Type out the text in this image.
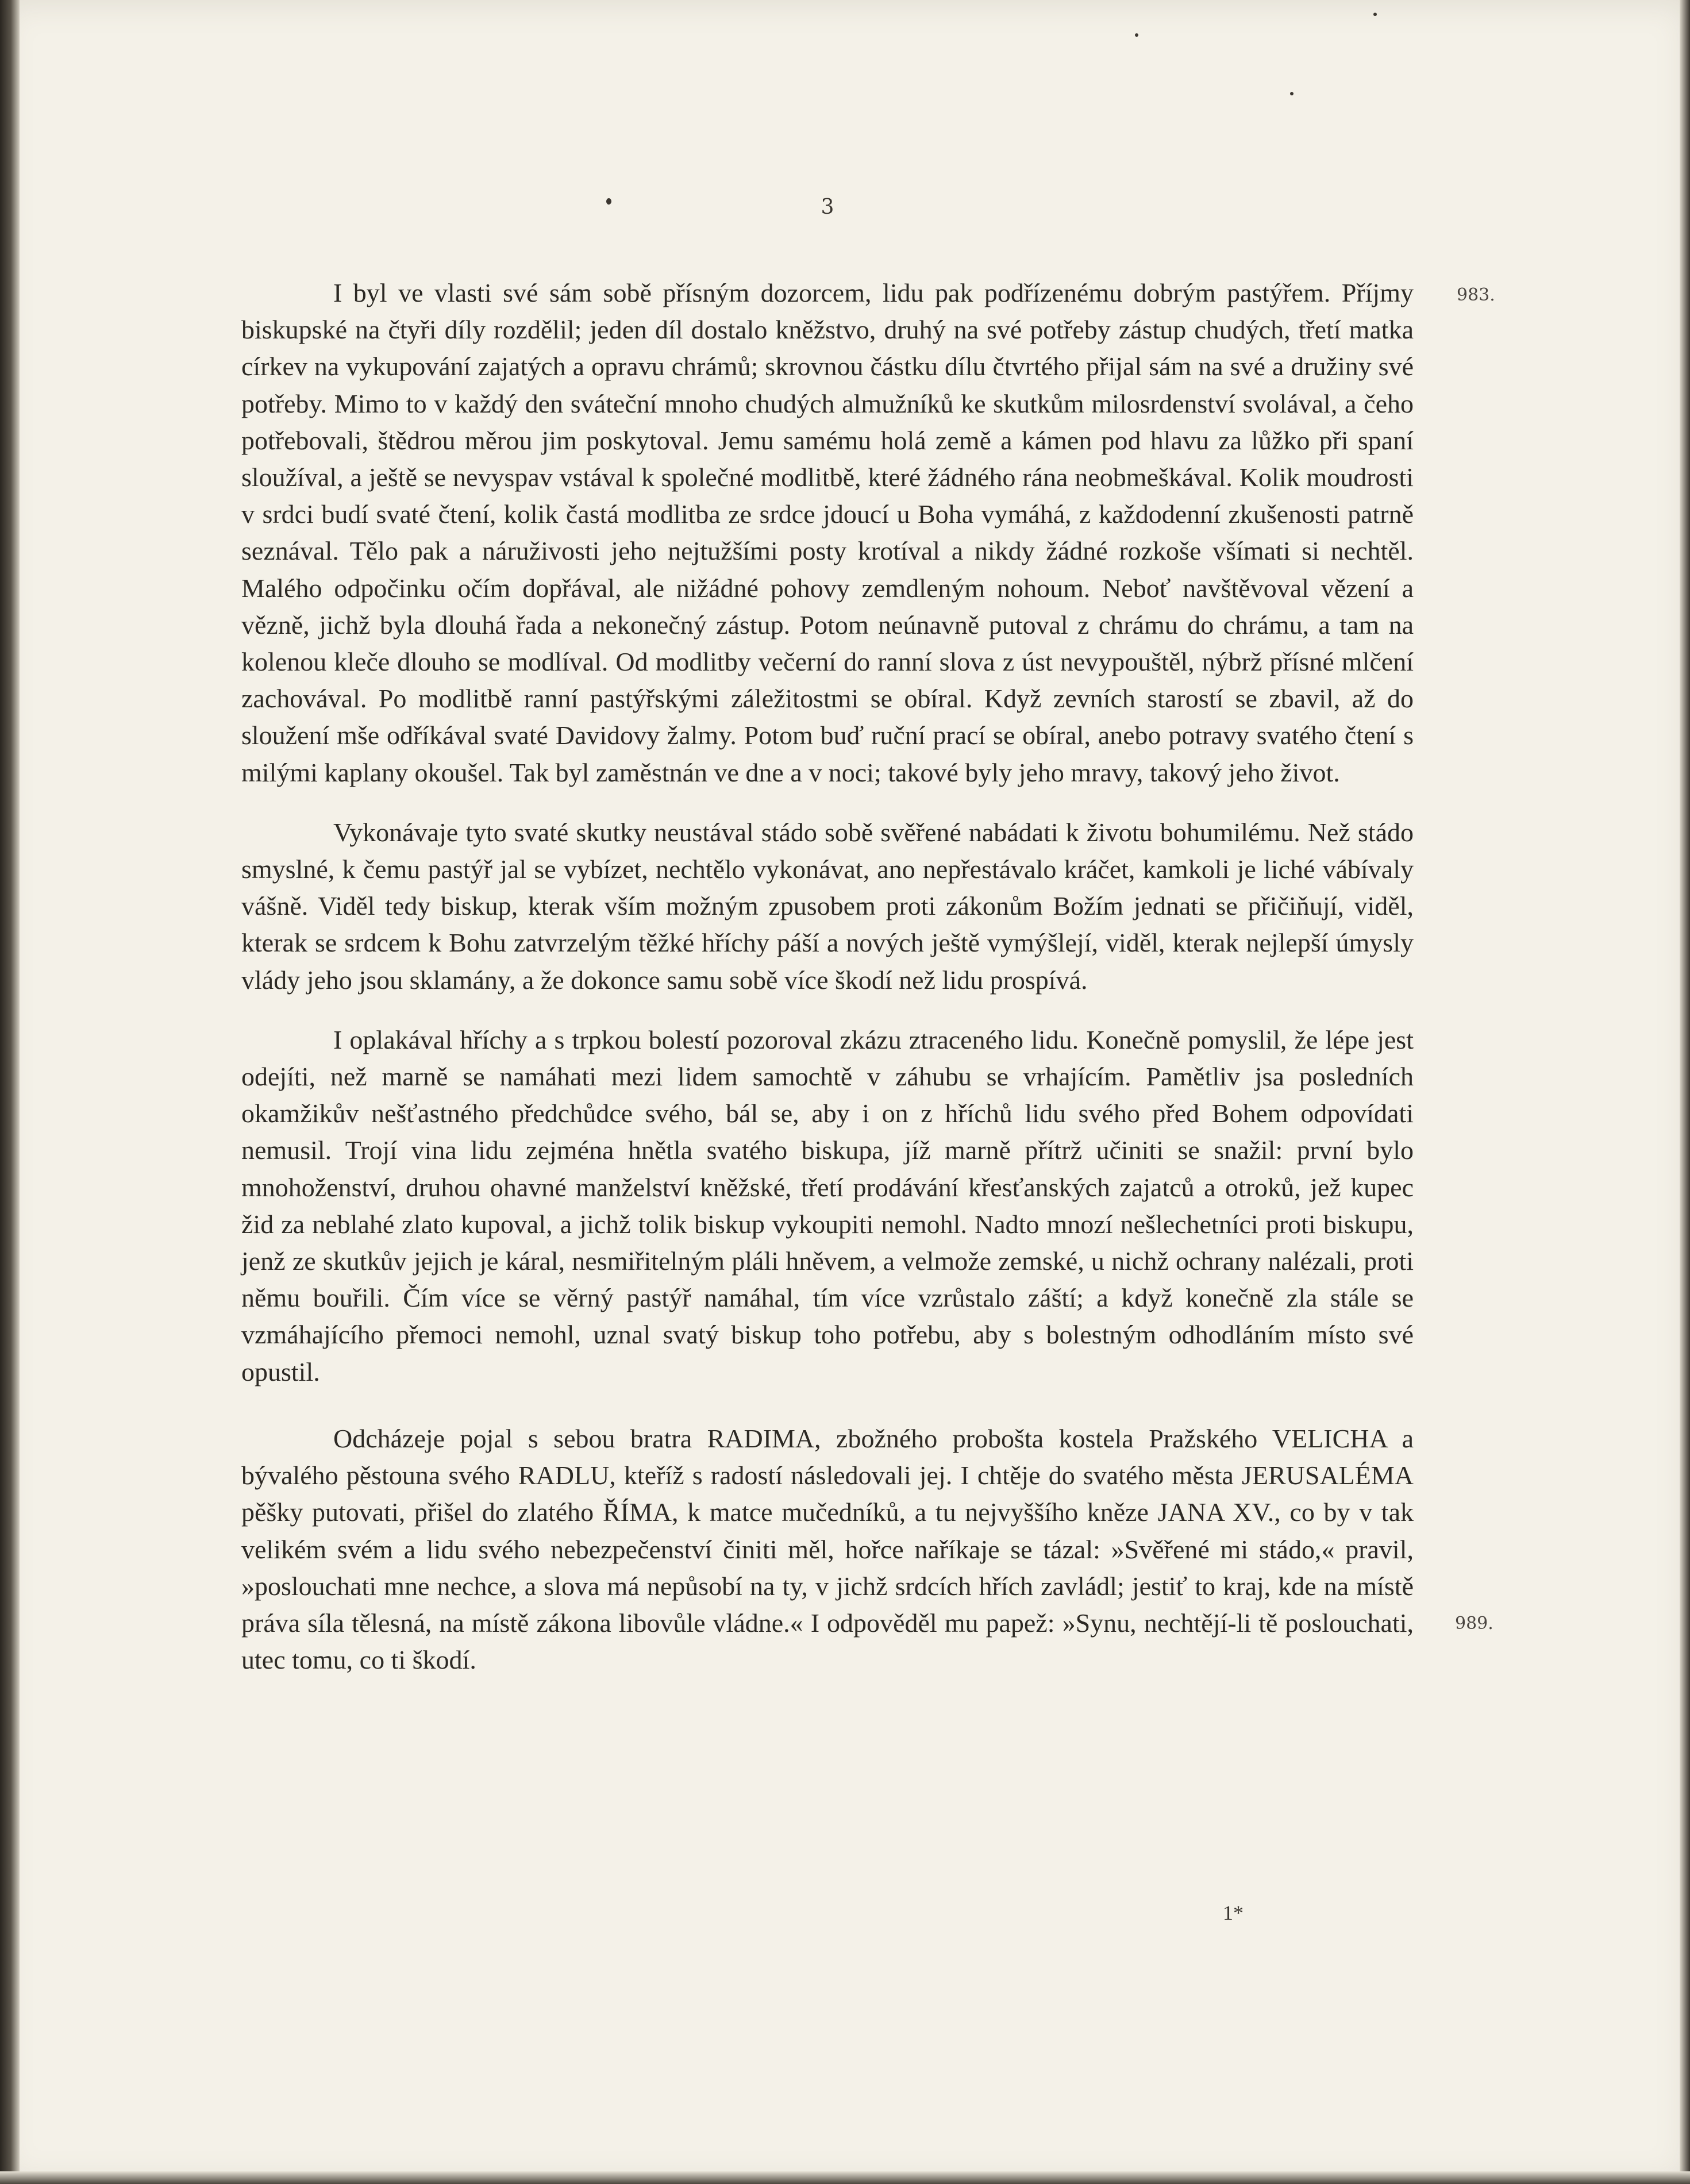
3
983.
989.

I byl ve vlasti své sám sobě přísným dozorcem, lidu pak podřízenému dobrým pastýřem. Příjmy biskupské na čtyři díly rozdělil; jeden díl dostalo kněžstvo, druhý na své potřeby zástup chudých, třetí matka církev na vykupování zajatých a opravu chrámů; skrovnou částku dílu čtvrtého přijal sám na své a družiny své potřeby. Mimo to v každý den sváteční mnoho chudých almužníků ke skutkům milosrdenství svolával, a čeho potřebovali, štědrou měrou jim poskytoval. Jemu samému holá země a kámen pod hlavu za lůžko při spaní sloužíval, a ještě se nevyspav vstával k společné modlitbě, které žádného rána neobmeškával. Kolik moudrosti v srdci budí svaté čtení, kolik častá modlitba ze srdce jdoucí u Boha vymáhá, z každodenní zkušenosti patrně seznával. Tělo pak a náruživosti jeho nejtužšími posty krotíval a nikdy žádné rozkoše všímati si nechtěl. Malého odpočinku očím dopřával, ale nižádné pohovy zemdleným nohoum. Neboť navštěvoval vězení a vězně, jichž byla dlouhá řada a nekonečný zástup. Potom neúnavně putoval z chrámu do chrámu, a tam na kolenou kleče dlouho se modlíval. Od modlitby večerní do ranní slova z úst nevypouštěl, nýbrž přísné mlčení zachovával. Po modlitbě ranní pastýřskými záležitostmi se obíral. Když zevních starostí se zbavil, až do sloužení mše odříkával svaté Davidovy žalmy. Potom buď ruční prací se obíral, anebo potravy svatého čtení s milými kaplany okoušel. Tak byl zaměstnán ve dne a v noci; takové byly jeho mravy, takový jeho život.

Vykonávaje tyto svaté skutky neustával stádo sobě svěřené nabádati k životu bohumilému. Než stádo smyslné, k čemu pastýř jal se vybízet, nechtělo vykonávat, ano nepřestávalo kráčet, kamkoli je liché vábívaly vášně. Viděl tedy biskup, kterak vším možným zpusobem proti zákonům Božím jednati se přičiňují, viděl, kterak se srdcem k Bohu zatvrzelým těžké hříchy páší a nových ještě vymýšlejí, viděl, kterak nejlepší úmysly vlády jeho jsou sklamány, a že dokonce samu sobě více škodí než lidu prospívá.

I oplakával hříchy a s trpkou bolestí pozoroval zkázu ztraceného lidu. Konečně pomyslil, že lépe jest odejíti, než marně se namáhati mezi lidem samochtě v záhubu se vrhajícím. Pamětliv jsa posledních okamžikův nešťastného předchůdce svého, bál se, aby i on z hříchů lidu svého před Bohem odpovídati nemusil. Trojí vina lidu zejména hnětla svatého biskupa, jíž marně přítrž učiniti se snažil: první bylo mnohoženství, druhou ohavné manželství kněžské, třetí prodávání křesťanských zajatců a otroků, jež kupec žid za neblahé zlato kupoval, a jichž tolik biskup vykoupiti nemohl. Nadto mnozí nešlechetníci proti biskupu, jenž ze skutkův jejich je káral, nesmiřitelným pláli hněvem, a velmože zemské, u nichž ochrany nalézali, proti němu bouřili. Čím více se věrný pastýř namáhal, tím více vzrůstalo záští; a když konečně zla stále se vzmáhajícího přemoci nemohl, uznal svatý biskup toho potřebu, aby s bolestným odhodláním místo své opustil.

Odcházeje pojal s sebou bratra RADIMA, zbožného probošta kostela Pražského VELICHA a bývalého pěstouna svého RADLU, kteříž s radostí následovali jej. I chtěje do svatého města JERUSALÉMA pěšky putovati, přišel do zlatého ŘÍMA, k matce mučedníků, a tu nejvyššího kněze JANA XV., co by v tak velikém svém a lidu svého nebezpečenství činiti měl, hořce naříkaje se tázal: »Svěřené mi stádo,« pravil, »poslouchati mne nechce, a slova má nepůsobí na ty, v jichž srdcích hřích zavládl; jestiť to kraj, kde na místě práva síla tělesná, na místě zákona libovůle vládne.« I odpověděl mu papež: »Synu, nechtějí-li tě poslouchati, utec tomu, co ti škodí.

1*
